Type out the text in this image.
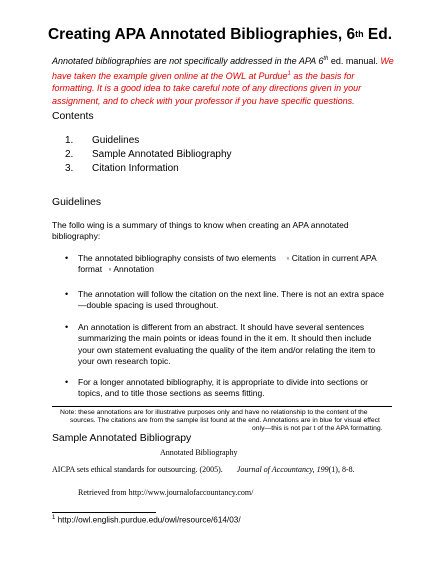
Creating APA Annotated Bibliographies, 6th Ed.
Annotated bibliographies are not specifically addressed in the APA 6th ed. manual. We have taken the example given online at the OWL at Purdue$^1$ as the basis for formatting. It is a good idea to take careful note of any directions given in your assignment, and to check with your professor if you have specific questions.
Contents
1. Guidelines
2. Sample Annotated Bibliography
3. Citation Information
Guidelines
The follo wing is a summary of things to know when creating an APA annotated bibliography:
• The annotated bibliography consists of two elements ◦ Citation in current APA
format ◦ Annotation
• The annotation will follow the citation on the next line. There is not an extra space—double spacing is used throughout.
• An annotation is different from an abstract. It should have several sentences summarizing the main points or ideas found in the it em. It should then include your own statement evaluating the quality of the item and/or relating the item to your own research topic.
• For a longer annotated bibliography, it is appropriate to divide into sections or topics, and to title those sections as seems fitting.
Note: these annotations are for illustrative purposes only and have no relationship to the content of the
sources. The citations are from the sample list found at the end. Annotations are in blue for visual effect
only—this is not par t of the APA formatting.
Sample Annotated Bibliograpy
Annotated Bibliography
AICPA sets ethical standards for outsourcing. (2005). Journal of Accountancy, 199(1), 8-8.
Retrieved from http://www.journalofaccountancy.com/
$^1$ http://owl.english.purdue.edu/owl/resource/614/03/
